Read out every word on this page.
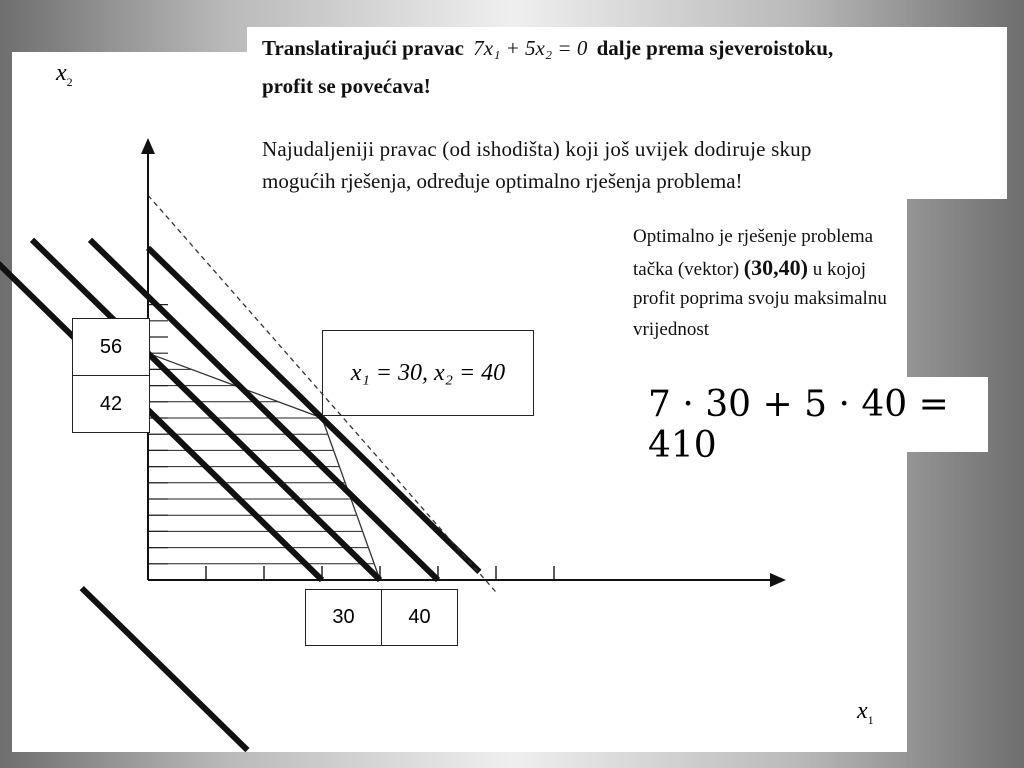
Translatirajući pravac 7x₁ + 5x₂ = 0 dalje prema sjeveroistoku,
profit se povećava!
Najudaljeniji pravac (od ishodišta) koji još uvijek dodiruje skup
mogućih rješenja, određuje optimalno rješenja problema!
Optimalno je rješenje problema
tačka (vektor) (30,40) u kojoj
profit poprima svoju maksimalnu
vrijednost
7 · 30 + 5 · 40 = 410
x₁ = 30, x₂ = 40
$x_2$
$x_1$
56
42
30	40
